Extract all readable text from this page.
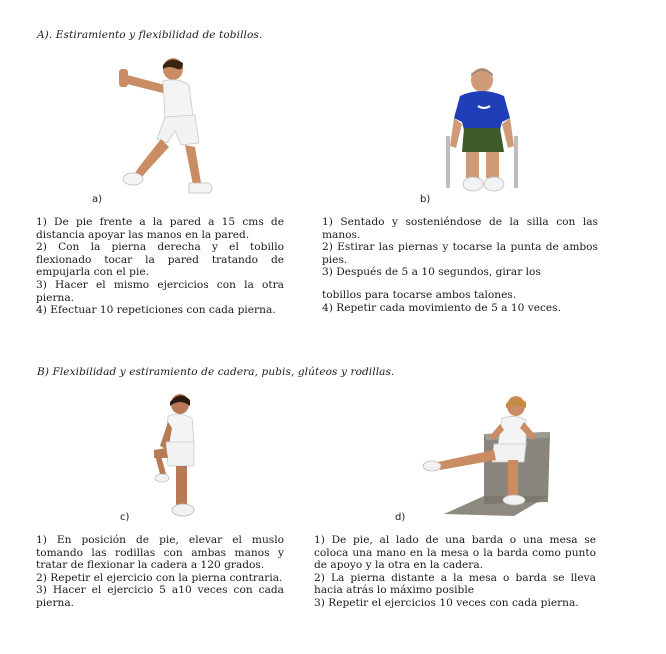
A). Estiramiento y flexibilidad de tobillos.
a)	b)

1) De pie frente a la pared a 15 cms de distancia apoyar las manos en la pared.

2) Con la pierna derecha y el tobillo flexionado tocar la pared tratando de empujarla con el pie.

3) Hacer el mismo ejercicios con la otra pierna.

4) Efectuar 10 repeticiones con cada pierna.

1) Sentado y sosteniéndose de la silla con las manos.

2) Estirar las piernas y tocarse la punta de ambos pies.

3) Después de 5 a 10 segundos, girar los

tobillos para tocarse ambos talones.

4) Repetir cada movimiento de 5 a 10 veces.

B) Flexibilidad y estiramiento de cadera, pubis, glúteos y rodillas.
c)	d)

1) En posición de pie, elevar el muslo tomando las rodillas con ambas manos y tratar de flexionar la cadera a 120 grados.

2) Repetir el ejercicio con la pierna contraria.

3) Hacer el ejercicio 5 a10 veces con cada pierna.

1) De pie, al lado de una barda o una mesa se coloca una mano en la mesa o la barda como punto de apoyo y la otra en la cadera.

2) La pierna distante a la mesa o barda se lleva hacia atrás lo máximo posible

3) Repetir el ejercicios 10 veces con cada pierna.
